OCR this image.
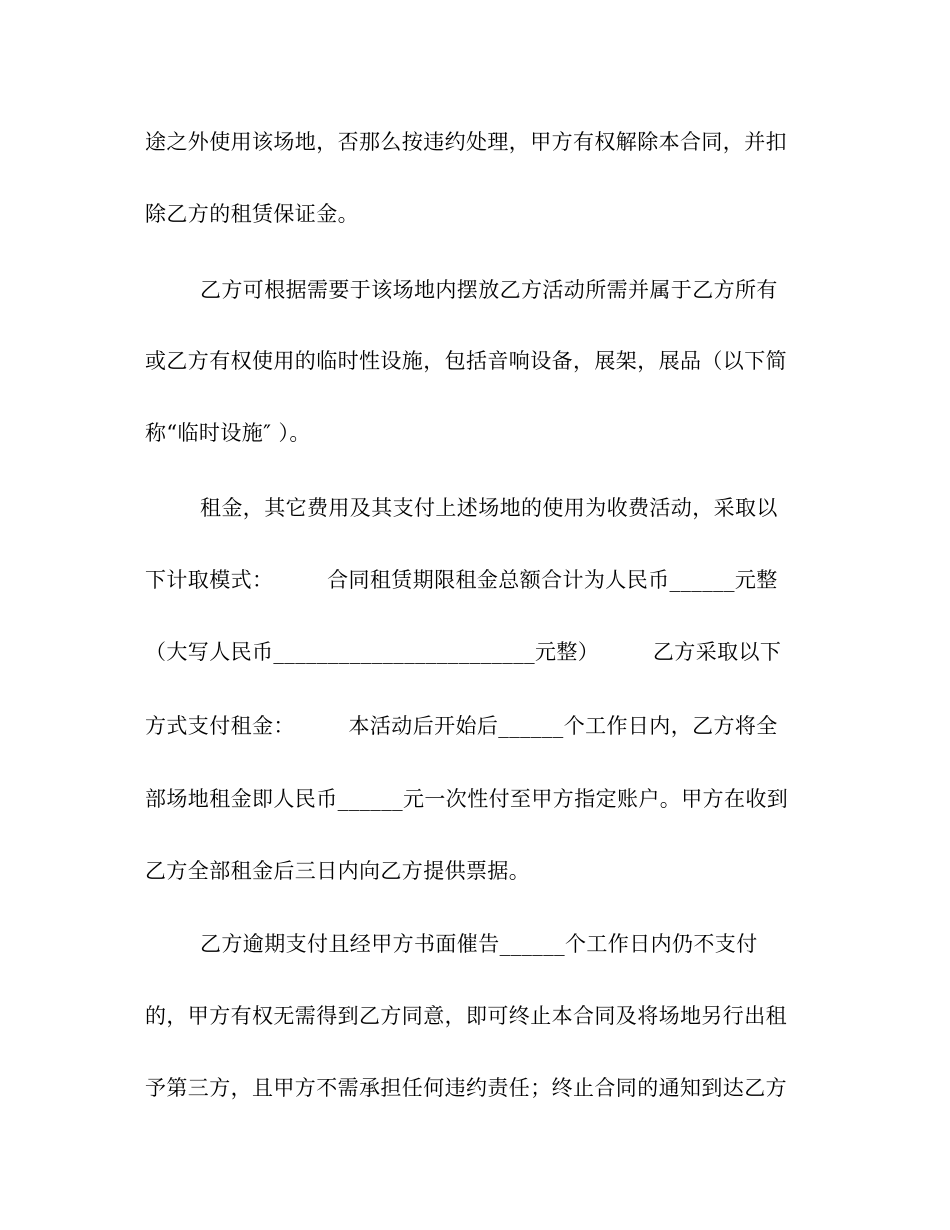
途之外使用该场地，否那么按违约处理，甲方有权解除本合同，并扣
除乙方的租赁保证金。
乙方可根据需要于该场地内摆放乙方活动所需并属于乙方所有
或乙方有权使用的临时性设施，包括音响设备，展架，展品（以下简
称“临时设施″ ）。
租金，其它费用及其支付上述场地的使用为收费活动，采取以
下计取模式：　　　合同租赁期限租金总额合计为人民币______元整
（大写人民币________________________元整）　　　乙方采取以下
方式支付租金：　　　本活动后开始后______个工作日内，乙方将全
部场地租金即人民币______元一次性付至甲方指定账户。甲方在收到
乙方全部租金后三日内向乙方提供票据。
乙方逾期支付且经甲方书面催告______个工作日内仍不支付
的，甲方有权无需得到乙方同意，即可终止本合同及将场地另行出租
予第三方，且甲方不需承担任何违约责任；终止合同的通知到达乙方
